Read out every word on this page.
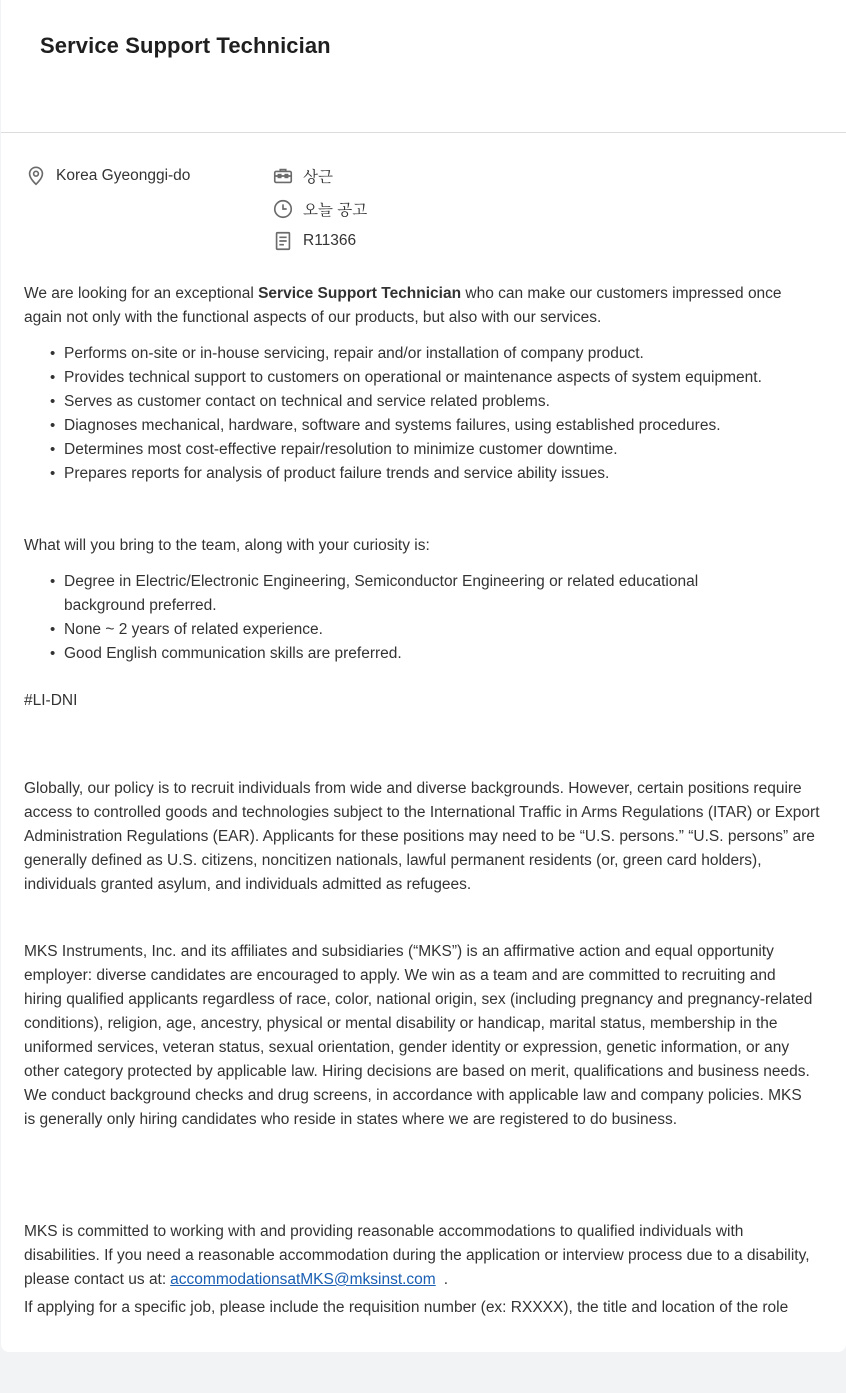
Service Support Technician
Korea Gyeonggi-do	상근
오늘 공고
R11366

We are looking for an exceptional Service Support Technician who can make our customers impressed once again not only with the functional aspects of our products, but also with our services.

• Performs on-site or in-house servicing, repair and/or installation of company product.
• Provides technical support to customers on operational or maintenance aspects of system equipment.
• Serves as customer contact on technical and service related problems.
• Diagnoses mechanical, hardware, software and systems failures, using established procedures.
• Determines most cost-effective repair/resolution to minimize customer downtime.
• Prepares reports for analysis of product failure trends and service ability issues.

What will you bring to the team, along with your curiosity is:

• Degree in Electric/Electronic Engineering, Semiconductor Engineering or related educational background preferred.
• None ~ 2 years of related experience.
• Good English communication skills are preferred.

#LI-DNI

Globally, our policy is to recruit individuals from wide and diverse backgrounds. However, certain positions require access to controlled goods and technologies subject to the International Traffic in Arms Regulations (ITAR) or Export Administration Regulations (EAR). Applicants for these positions may need to be “U.S. persons.” “U.S. persons” are generally defined as U.S. citizens, noncitizen nationals, lawful permanent residents (or, green card holders), individuals granted asylum, and individuals admitted as refugees.

MKS Instruments, Inc. and its affiliates and subsidiaries (“MKS”) is an affirmative action and equal opportunity employer: diverse candidates are encouraged to apply. We win as a team and are committed to recruiting and hiring qualified applicants regardless of race, color, national origin, sex (including pregnancy and pregnancy-related conditions), religion, age, ancestry, physical or mental disability or handicap, marital status, membership in the uniformed services, veteran status, sexual orientation, gender identity or expression, genetic information, or any other category protected by applicable law. Hiring decisions are based on merit, qualifications and business needs. We conduct background checks and drug screens, in accordance with applicable law and company policies. MKS is generally only hiring candidates who reside in states where we are registered to do business.

MKS is committed to working with and providing reasonable accommodations to qualified individuals with disabilities. If you need a reasonable accommodation during the application or interview process due to a disability, please contact us at: accommodationsatMKS@mksinst.com .

If applying for a specific job, please include the requisition number (ex: RXXXX), the title and location of the role
